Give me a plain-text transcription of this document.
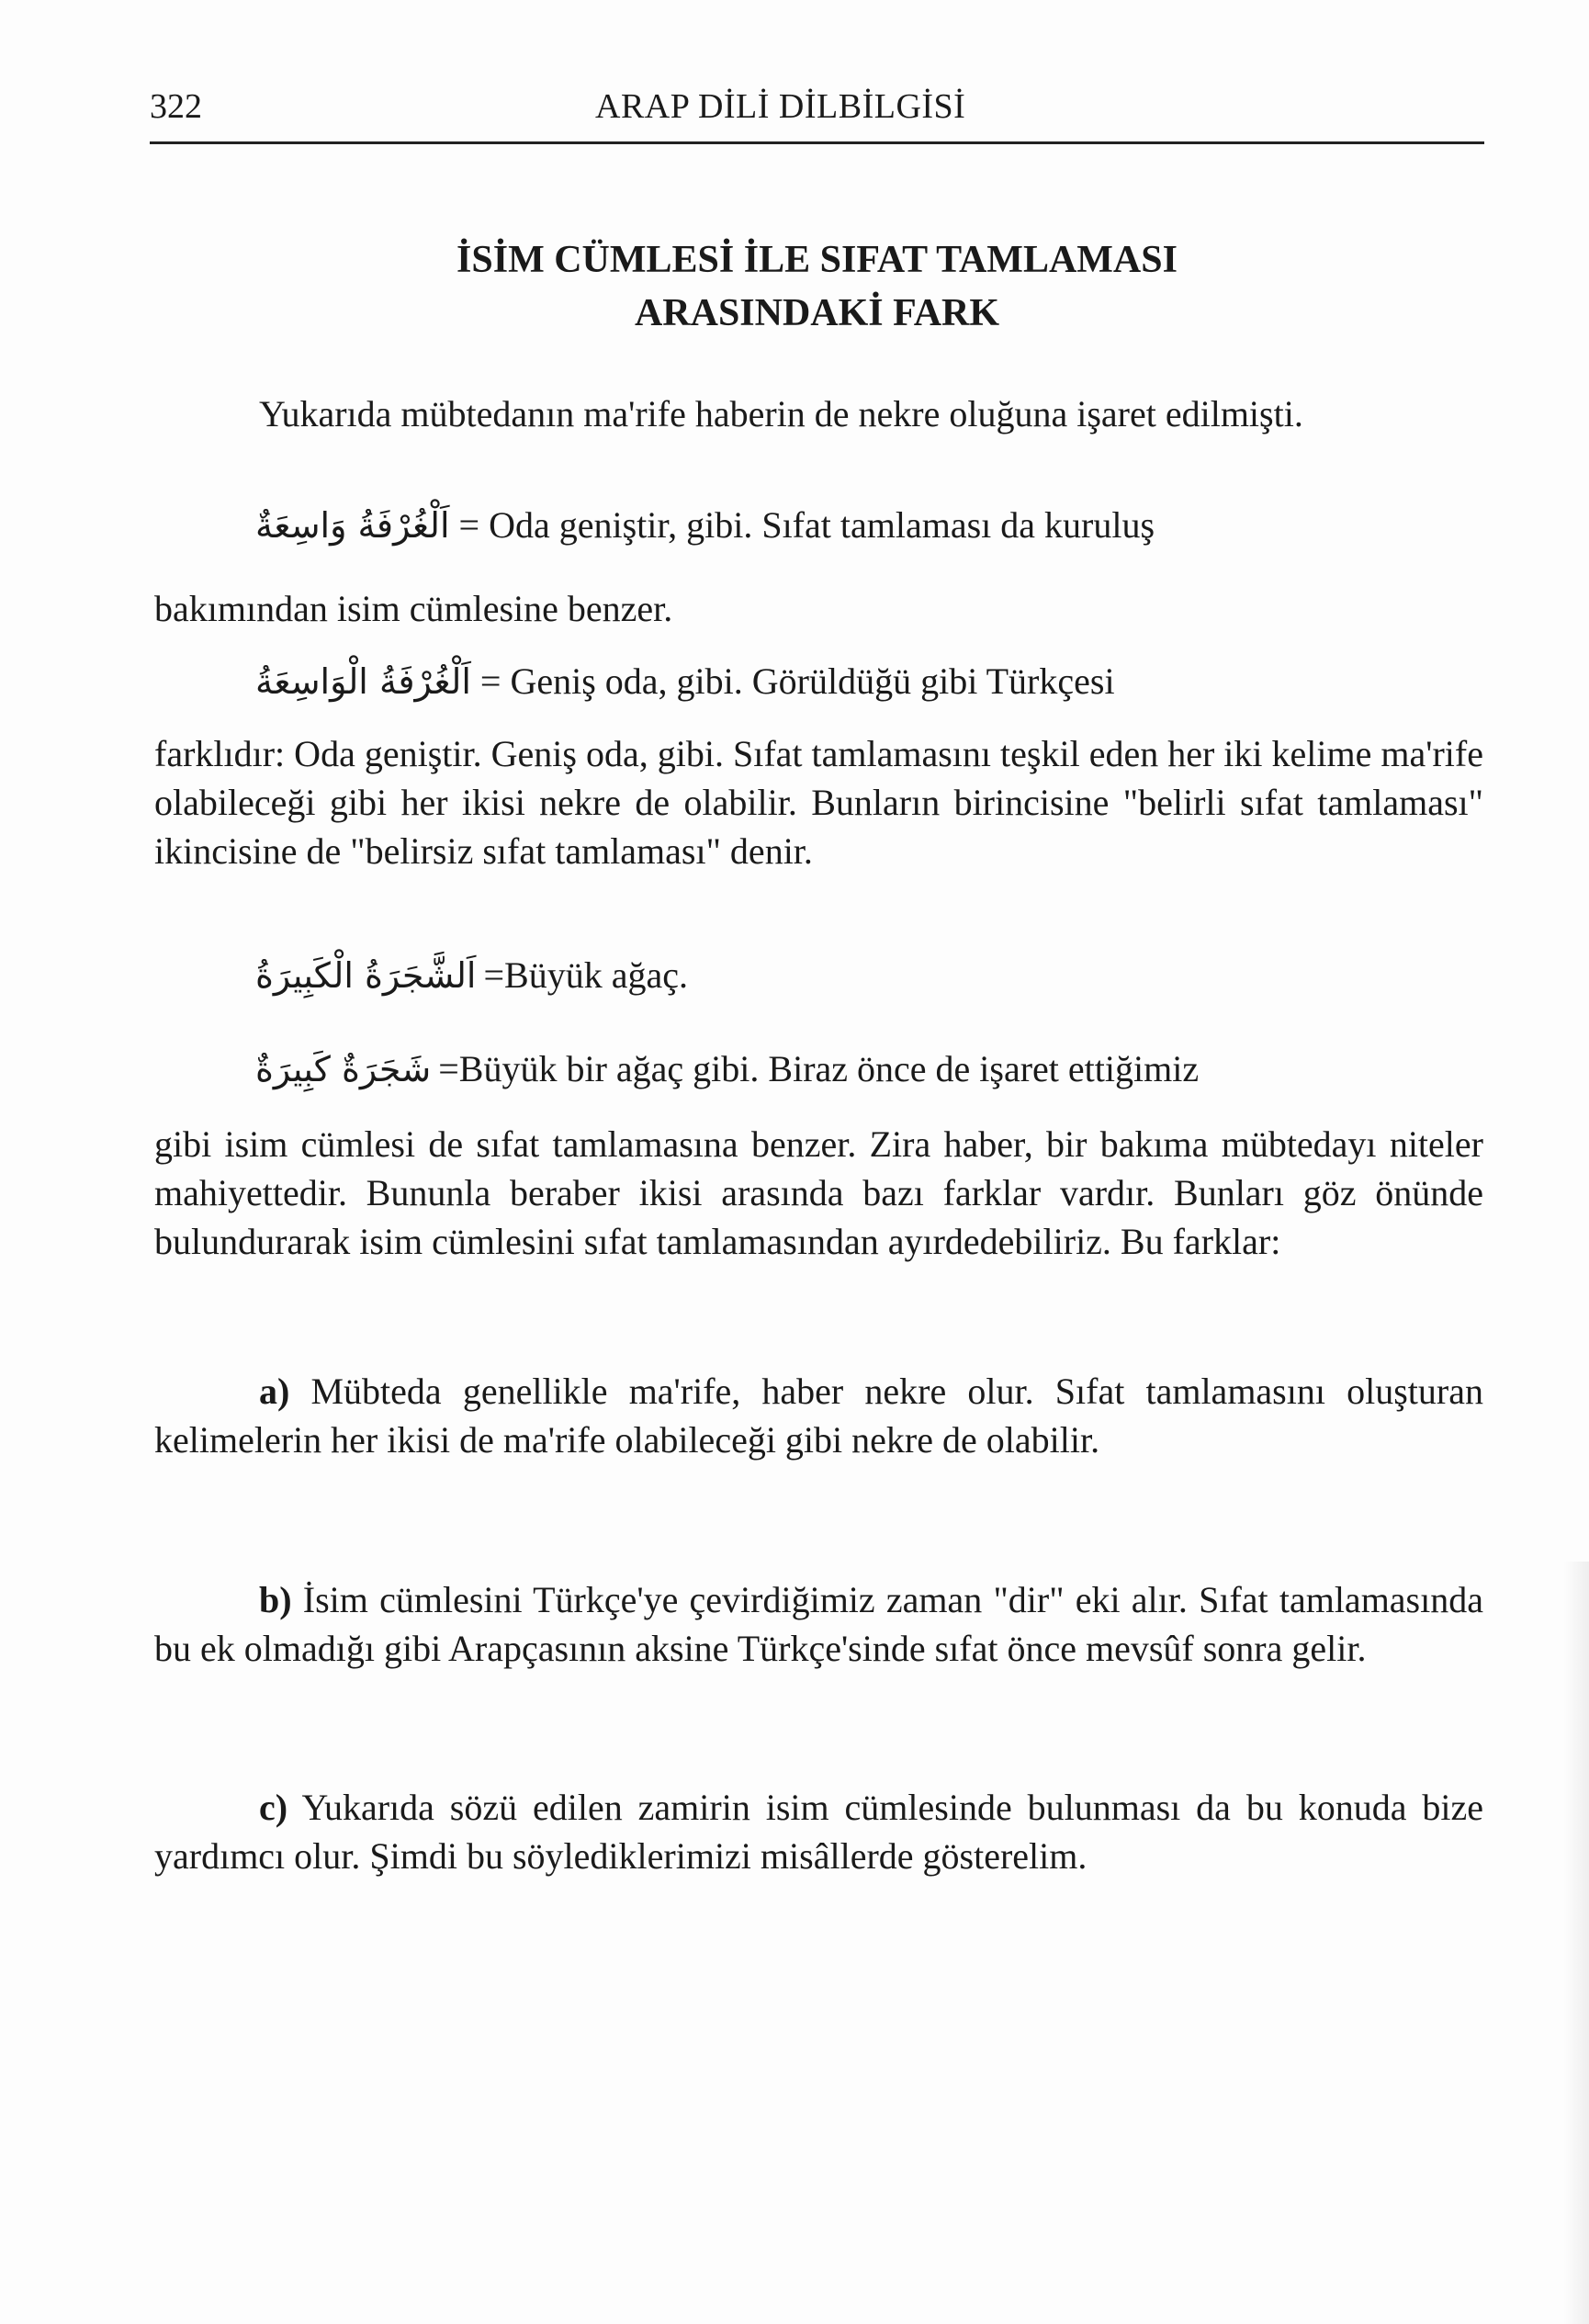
322	ARAP DİLİ DİLBİLGİSİ
İSİM CÜMLESİ İLE SIFAT TAMLAMASI
ARASINDAKİ FARK
Yukarıda mübtedanın ma'rife haberin de nekre oluğuna işaret edilmişti.
اَلْغُرْفَةُ وَاسِعَةٌ = Oda geniştir, gibi. Sıfat tamlaması da kuruluş
bakımından isim cümlesine benzer.
اَلْغُرْفَةُ الْوَاسِعَةُ = Geniş oda, gibi. Görüldüğü gibi Türkçesi
farklıdır: Oda geniştir. Geniş oda, gibi. Sıfat tamlamasını teşkil eden her iki kelime ma'rife olabileceği gibi her ikisi nekre de olabilir. Bunların birincisine "belirli sıfat tamlaması" ikincisine de "belirsiz sıfat tamlaması" denir.
اَلشَّجَرَةُ الْكَبِيرَةُ =Büyük ağaç.
شَجَرَةٌ كَبِيرَةٌ =Büyük bir ağaç gibi. Biraz önce de işaret ettiğimiz
gibi isim cümlesi de sıfat tamlamasına benzer. Zira haber, bir bakıma mübtedayı niteler mahiyettedir. Bununla beraber ikisi arasında bazı farklar vardır. Bunları göz önünde bulundurarak isim cümlesini sıfat tamlamasından ayırdedebiliriz. Bu farklar:
a) Mübteda genellikle ma'rife, haber nekre olur. Sıfat tamlamasını oluşturan kelimelerin her ikisi de ma'rife olabileceği gibi nekre de olabilir.
b) İsim cümlesini Türkçe'ye çevirdiğimiz zaman "dir" eki alır. Sıfat tamlamasında bu ek olmadığı gibi Arapçasının aksine Türkçe'sinde sıfat önce mevsûf sonra gelir.
c) Yukarıda sözü edilen zamirin isim cümlesinde bulunması da bu konuda bize yardımcı olur. Şimdi bu söylediklerimizi misâllerde gösterelim.
